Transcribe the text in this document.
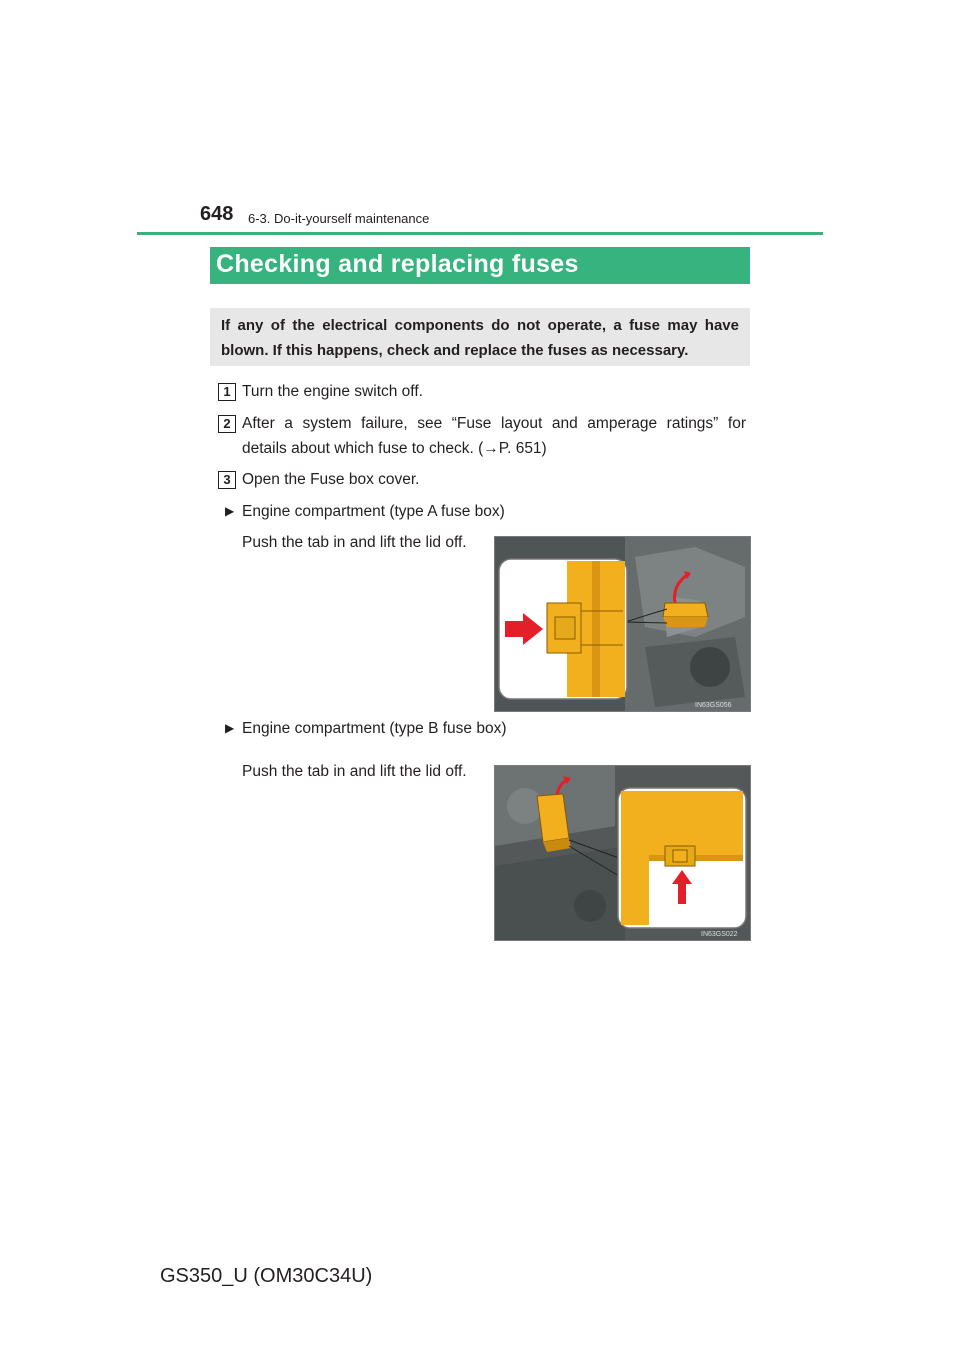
648 6-3. Do-it-yourself maintenance
Checking and replacing fuses
If any of the electrical components do not operate, a fuse may have
blown. If this happens, check and replace the fuses as necessary.
1 Turn the engine switch off.
2 After a system failure, see “Fuse layout and amperage ratings” for
details about which fuse to check. (→P. 651)
3 Open the Fuse box cover.
▶ Engine compartment (type A fuse box)
Push the tab in and lift the lid off.
IN63GS056
▶ Engine compartment (type B fuse box)
Push the tab in and lift the lid off.
IN63GS022
GS350_U (OM30C34U)
